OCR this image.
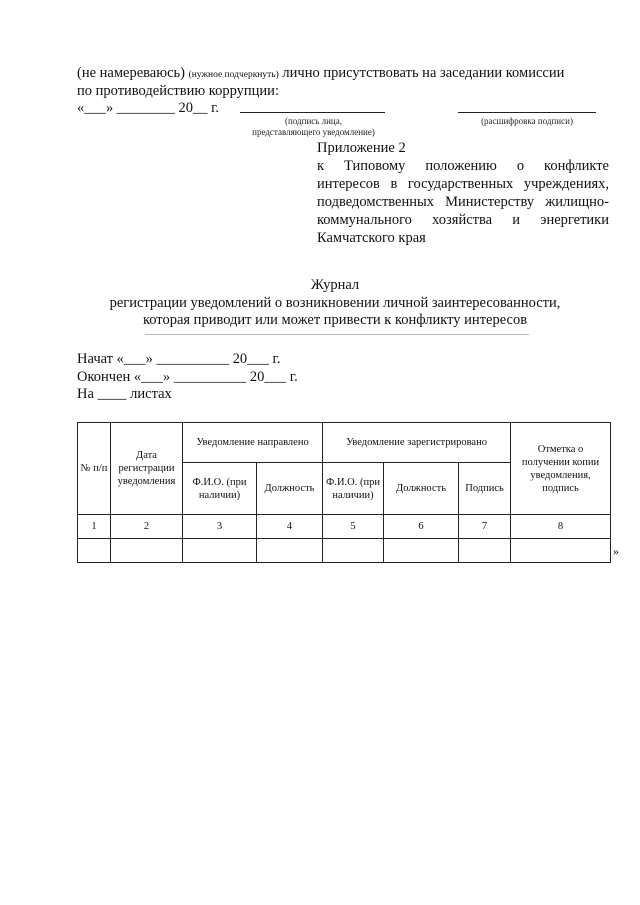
(не намереваюсь) (нужное подчеркнуть) лично присутствовать на заседании комиссии
по противодействию коррупции:
«___» ________ 20__ г.
(подпись лица,
представляющего уведомление)
(расшифровка подписи)
Приложение 2
к Типовому положению о конфликте
интересов в государственных учреждениях,
подведомственных Министерству жилищно-
коммунального хозяйства и энергетики
Камчатского края
Журнал
регистрации уведомлений о возникновении личной заинтересованности,
которая приводит или может привести к конфликту интересов
Начат «___» __________ 20___ г.
Окончен «___» __________ 20___ г.
На ____ листах
№ п/п	Дата регистрации уведомления	Уведомление направлено		Уведомление зарегистрировано			Отметка о получении копии уведомления, подпись
		Ф.И.О. (при наличии)	Должность	Ф.И.О. (при наличии)	Должность	Подпись	
1	2	3	4	5	6	7	8

»
